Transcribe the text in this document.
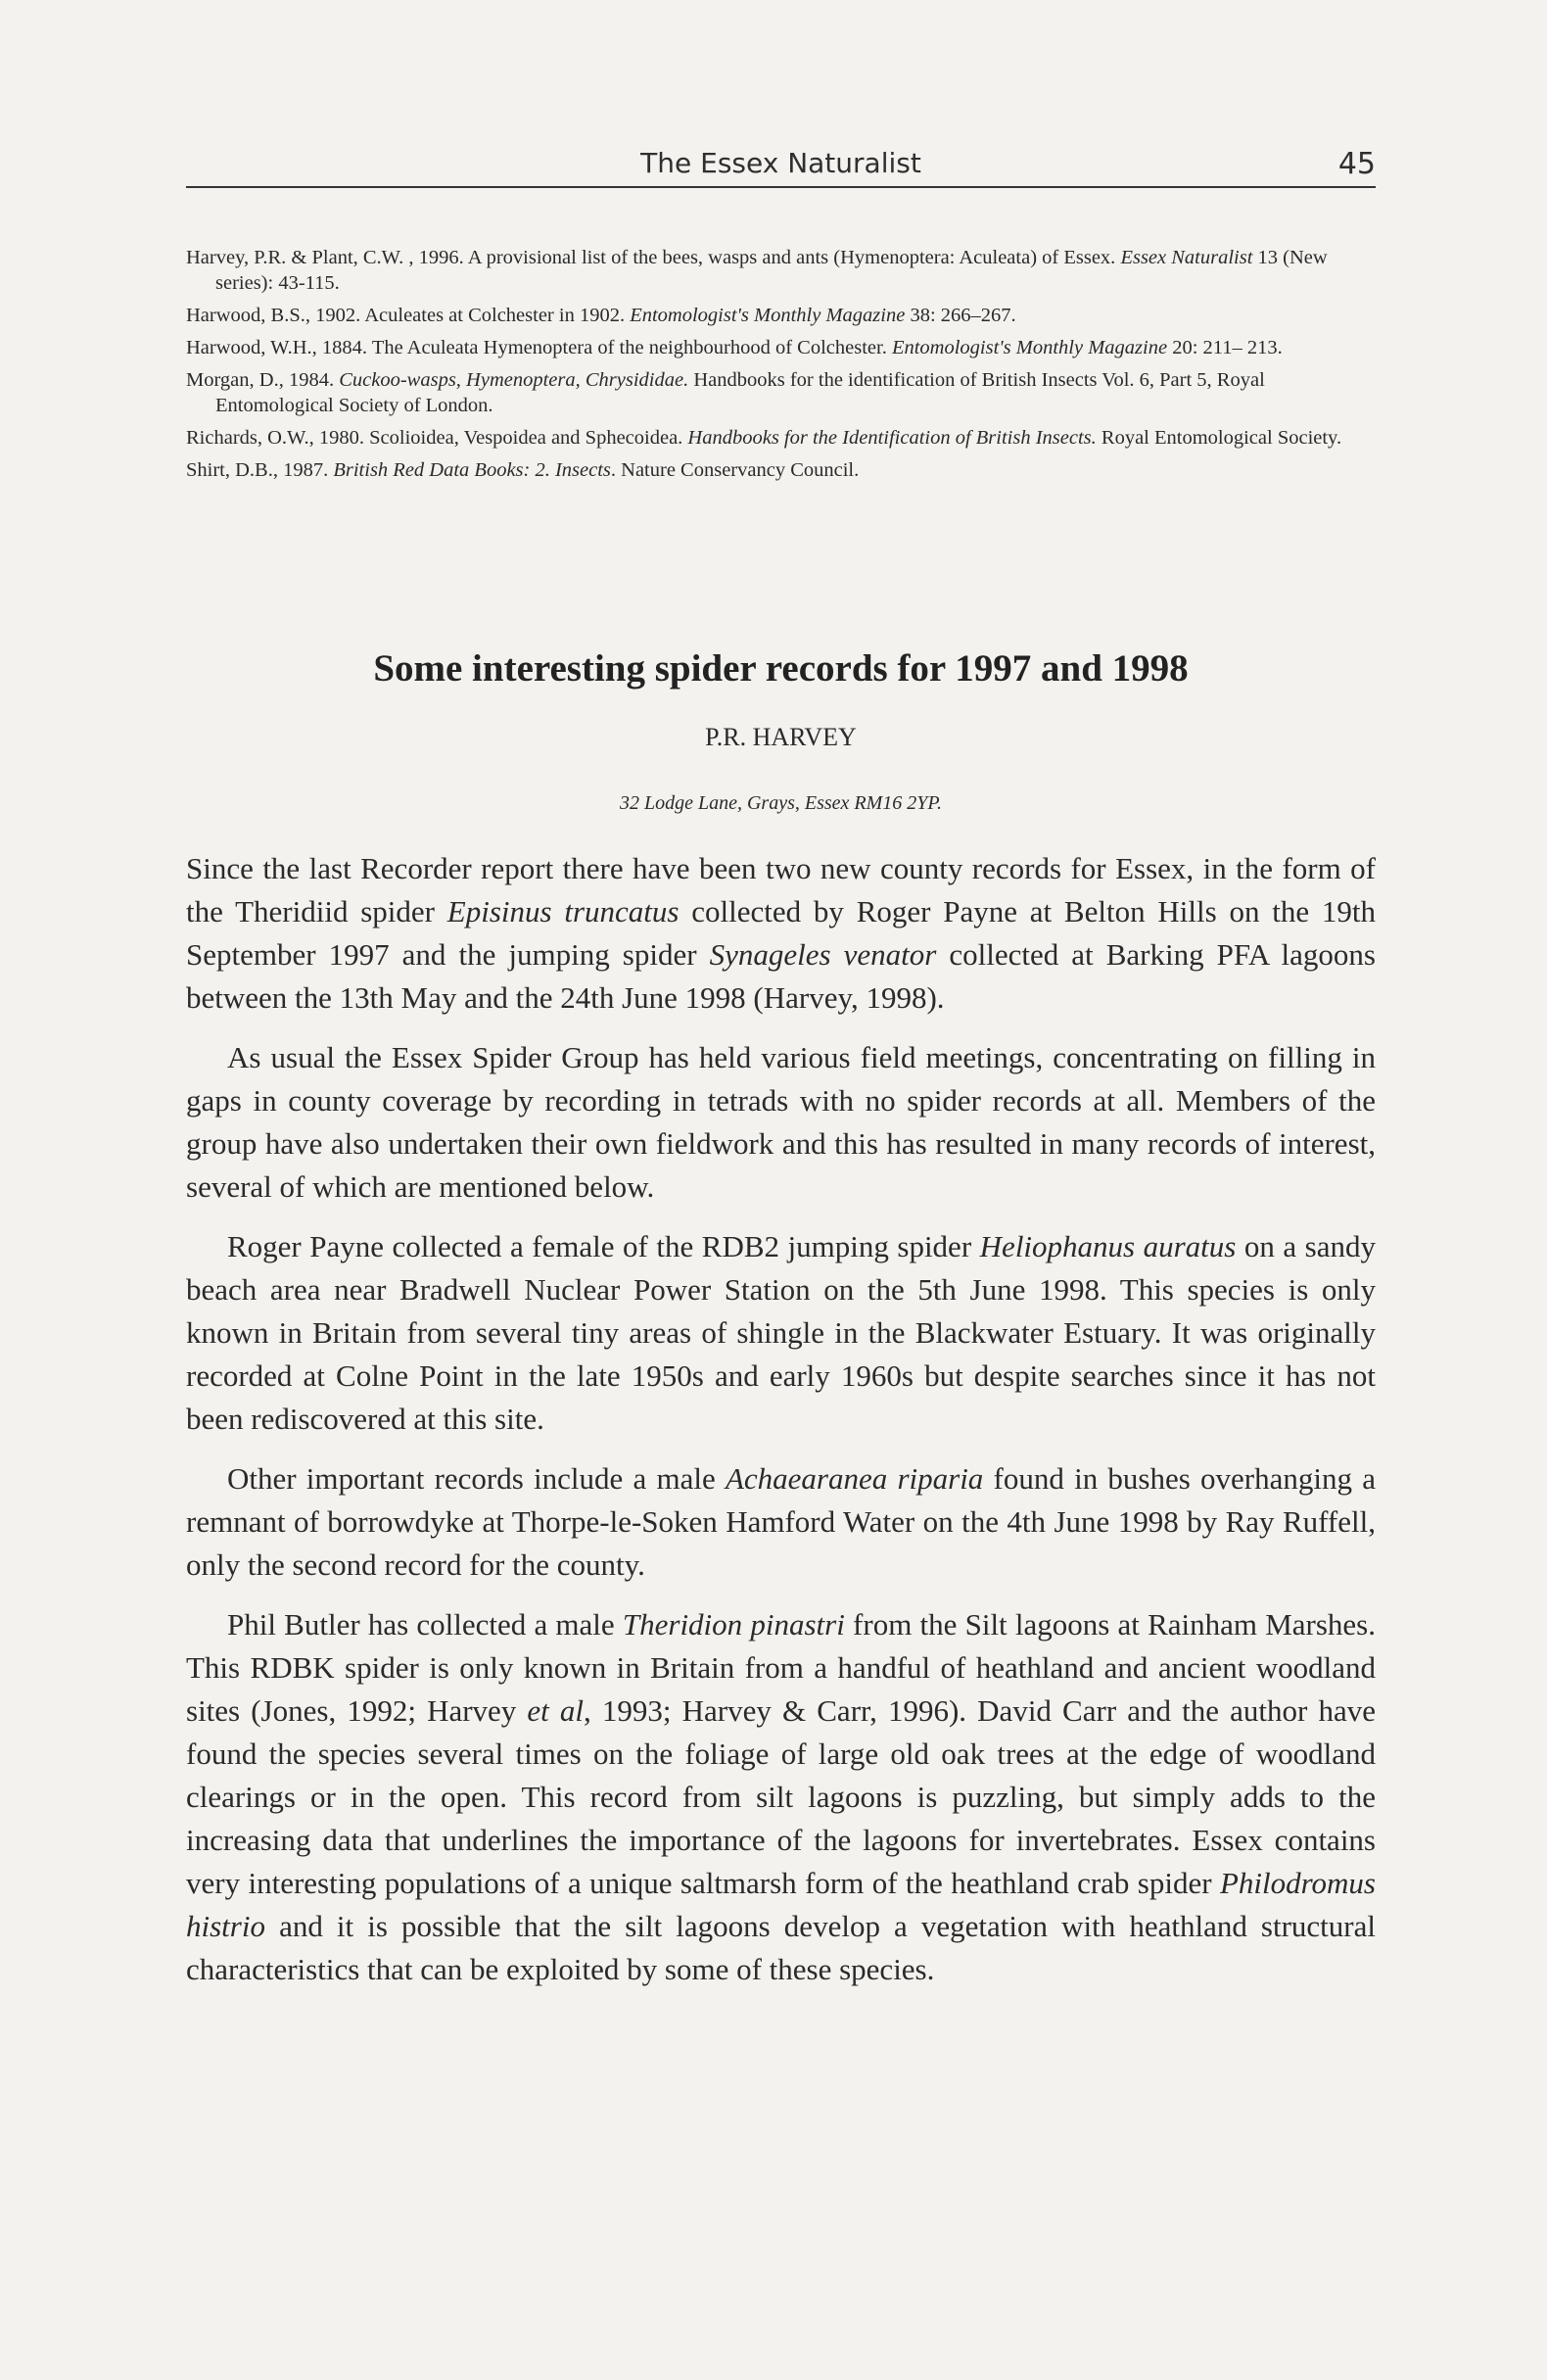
The Essex Naturalist	45
Harvey, P.R. & Plant, C.W. , 1996. A provisional list of the bees, wasps and ants (Hymenoptera: Aculeata) of Essex. Essex Naturalist 13 (New series): 43-115.
Harwood, B.S., 1902. Aculeates at Colchester in 1902. Entomologist's Monthly Magazine 38: 266–267.
Harwood, W.H., 1884. The Aculeata Hymenoptera of the neighbourhood of Colchester. Entomologist's Monthly Magazine 20: 211– 213.
Morgan, D., 1984. Cuckoo-wasps, Hymenoptera, Chrysididae. Handbooks for the identification of British Insects Vol. 6, Part 5, Royal Entomological Society of London.
Richards, O.W., 1980. Scolioidea, Vespoidea and Sphecoidea. Handbooks for the Identification of British Insects. Royal Entomological Society.
Shirt, D.B., 1987. British Red Data Books: 2. Insects. Nature Conservancy Council.
Some interesting spider records for 1997 and 1998
P.R. HARVEY
32 Lodge Lane, Grays, Essex RM16 2YP.

Since the last Recorder report there have been two new county records for Essex, in the form of the Theridiid spider Episinus truncatus collected by Roger Payne at Belton Hills on the 19th September 1997 and the jumping spider Synageles venator collected at Barking PFA lagoons between the 13th May and the 24th June 1998 (Harvey, 1998).

As usual the Essex Spider Group has held various field meetings, concentrating on filling in gaps in county coverage by recording in tetrads with no spider records at all. Members of the group have also undertaken their own fieldwork and this has resulted in many records of interest, several of which are mentioned below.

Roger Payne collected a female of the RDB2 jumping spider Heliophanus auratus on a sandy beach area near Bradwell Nuclear Power Station on the 5th June 1998. This species is only known in Britain from several tiny areas of shingle in the Blackwater Estuary. It was originally recorded at Colne Point in the late 1950s and early 1960s but despite searches since it has not been rediscovered at this site.

Other important records include a male Achaearanea riparia found in bushes overhanging a remnant of borrowdyke at Thorpe-le-Soken Hamford Water on the 4th June 1998 by Ray Ruffell, only the second record for the county.

Phil Butler has collected a male Theridion pinastri from the Silt lagoons at Rainham Marshes. This RDBK spider is only known in Britain from a handful of heathland and ancient woodland sites (Jones, 1992; Harvey et al, 1993; Harvey & Carr, 1996). David Carr and the author have found the species several times on the foliage of large old oak trees at the edge of woodland clearings or in the open. This record from silt lagoons is puzzling, but simply adds to the increasing data that underlines the importance of the lagoons for invertebrates. Essex contains very interesting populations of a unique saltmarsh form of the heathland crab spider Philodromus histrio and it is possible that the silt lagoons develop a vegetation with heathland structural characteristics that can be exploited by some of these species.
